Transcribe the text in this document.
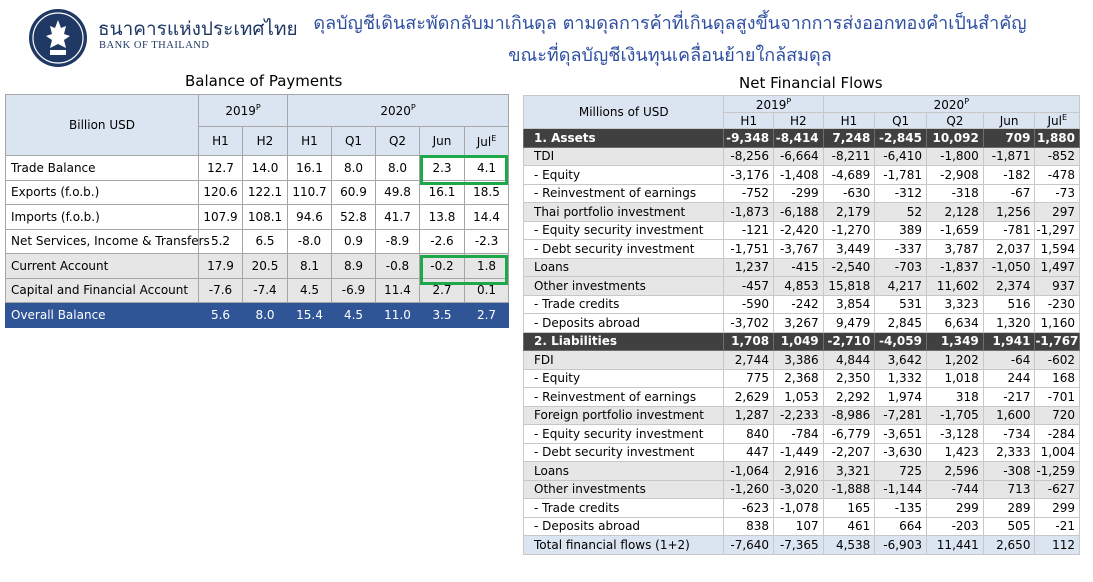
ธนาคารแห่งประเทศไทย
BANK OF THAILAND
ดุลบัญชีเดินสะพัดกลับมาเกินดุล ตามดุลการค้าที่เกินดุลสูงขึ้นจากการส่งออกทองคำเป็นสำคัญ
ขณะที่ดุลบัญชีเงินทุนเคลื่อนย้ายใกล้สมดุล
Balance of Payments
Billion USD	$2019^P$		$2020^P$
	H1	H2	H1	Q1	Q2	Jun	Jul$^E$
Trade Balance	12.7	14.0	16.1	8.0	8.0	2.3	4.1
Exports (f.o.b.)	120.6	122.1	110.7	60.9	49.8	16.1	18.5
Imports (f.o.b.)	107.9	108.1	94.6	52.8	41.7	13.8	14.4
Net Services, Income & Transfers	5.2	6.5	-8.0	0.9	-8.9	-2.6	-2.3
Current Account	17.9	20.5	8.1	8.9	-0.8	-0.2	1.8
Capital and Financial Account	-7.6	-7.4	4.5	-6.9	11.4	2.7	0.1
Overall Balance	5.6	8.0	15.4	4.5	11.0	3.5	2.7
Net Financial Flows
Millions of USD	$2019^P$		$2020^P$
	H1	H2	H1	Q1	Q2	Jun	Jul$^E$
1. Assets	-9,348	-8,414	7,248	-2,845	10,092	709	1,880
TDI	-8,256	-6,664	-8,211	-6,410	-1,800	-1,871	-852
- Equity	-3,176	-1,408	-4,689	-1,781	-2,908	-182	-478
- Reinvestment of earnings	-752	-299	-630	-312	-318	-67	-73
Thai portfolio investment	-1,873	-6,188	2,179	52	2,128	1,256	297
- Equity security investment	-121	-2,420	-1,270	389	-1,659	-781	-1,297
- Debt security investment	-1,751	-3,767	3,449	-337	3,787	2,037	1,594
Loans	1,237	-415	-2,540	-703	-1,837	-1,050	1,497
Other investments	-457	4,853	15,818	4,217	11,602	2,374	937
- Trade credits	-590	-242	3,854	531	3,323	516	-230
- Deposits abroad	-3,702	3,267	9,479	2,845	6,634	1,320	1,160
2. Liabilities	1,708	1,049	-2,710	-4,059	1,349	1,941	-1,767
FDI	2,744	3,386	4,844	3,642	1,202	-64	-602
- Equity	775	2,368	2,350	1,332	1,018	244	168
- Reinvestment of earnings	2,629	1,053	2,292	1,974	318	-217	-701
Foreign portfolio investment	1,287	-2,233	-8,986	-7,281	-1,705	1,600	720
- Equity security investment	840	-784	-6,779	-3,651	-3,128	-734	-284
- Debt security investment	447	-1,449	-2,207	-3,630	1,423	2,333	1,004
Loans	-1,064	2,916	3,321	725	2,596	-308	-1,259
Other investments	-1,260	-3,020	-1,888	-1,144	-744	713	-627
- Trade credits	-623	-1,078	165	-135	299	289	299
- Deposits abroad	838	107	461	664	-203	505	-21
Total financial flows (1+2)	-7,640	-7,365	4,538	-6,903	11,441	2,650	112
